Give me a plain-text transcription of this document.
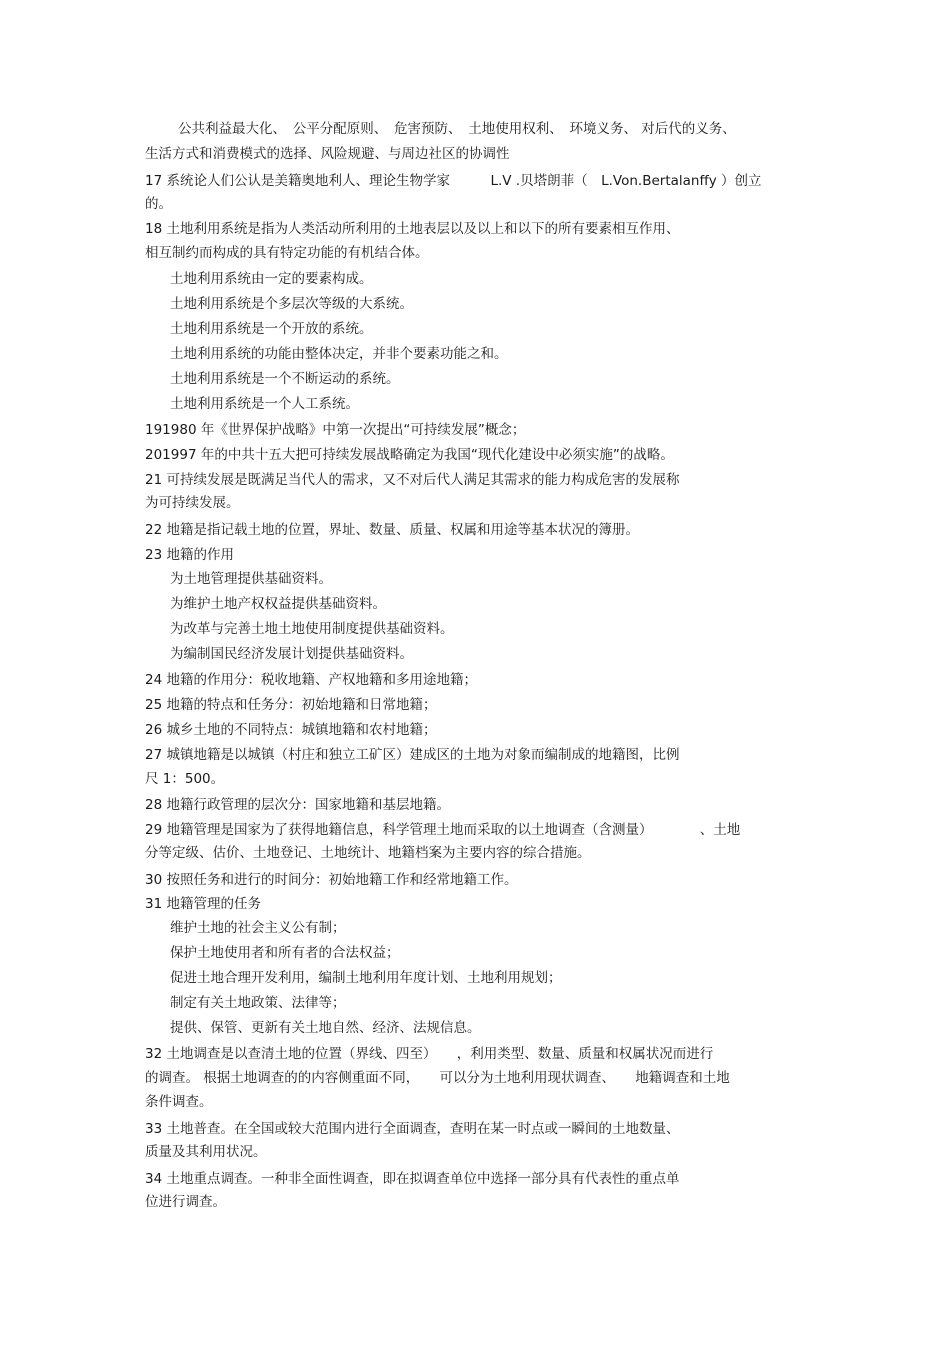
公共利益最大化、　公平分配原则、　危害预防、　土地使用权利、　环境义务、 对后代的义务、
生活方式和消费模式的选择、风险规避、与周边社区的协调性
17 系统论人们公认是美籍奥地利人、理论生物学家　　　L.V .贝塔朗菲（　L.Von.Bertalanffy ）创立
的。
18 土地利用系统是指为人类活动所利用的土地表层以及以上和以下的所有要素相互作用、
相互制约而构成的具有特定功能的有机结合体。
土地利用系统由一定的要素构成。
土地利用系统是个多层次等级的大系统。
土地利用系统是一个开放的系统。
土地利用系统的功能由整体决定，并非个要素功能之和。
土地利用系统是一个不断运动的系统。
土地利用系统是一个人工系统。
191980 年《世界保护战略》中第一次提出“可持续发展”概念；
201997 年的中共十五大把可持续发展战略确定为我国“现代化建设中必须实施”的战略。
21 可持续发展是既满足当代人的需求，又不对后代人满足其需求的能力构成危害的发展称
为可持续发展。
22 地籍是指记载土地的位置，界址、数量、质量、权属和用途等基本状况的簿册。
23 地籍的作用
为土地管理提供基础资料。
为维护土地产权权益提供基础资料。
为改革与完善土地土地使用制度提供基础资料。
为编制国民经济发展计划提供基础资料。
24 地籍的作用分：税收地籍、产权地籍和多用途地籍；
25 地籍的特点和任务分：初始地籍和日常地籍；
26 城乡土地的不同特点：城镇地籍和农村地籍；
27 城镇地籍是以城镇（村庄和独立工矿区）建成区的土地为对象而编制成的地籍图，比例
尺 1：500。
28 地籍行政管理的层次分：国家地籍和基层地籍。
29 地籍管理是国家为了获得地籍信息，科学管理土地而采取的以土地调查（含测量）　　　　、土地
分等定级、估价、土地登记、土地统计、地籍档案为主要内容的综合措施。
30 按照任务和进行的时间分：初始地籍工作和经常地籍工作。
31 地籍管理的任务
维护土地的社会主义公有制；
保护土地使用者和所有者的合法权益；
促进土地合理开发利用，编制土地利用年度计划、土地利用规划；
制定有关土地政策、法律等；
提供、保管、更新有关土地自然、经济、法规信息。
32 土地调查是以查清土地的位置（界线、四至）　　，利用类型、数量、质量和权属状况而进行
的调查。 根据土地调查的的内容侧重面不同，　　可以分为土地利用现状调查、　　地籍调查和土地
条件调查。
33 土地普查。在全国或较大范围内进行全面调查，查明在某一时点或一瞬间的土地数量、
质量及其利用状况。
34 土地重点调查。一种非全面性调查，即在拟调查单位中选择一部分具有代表性的重点单
位进行调查。
